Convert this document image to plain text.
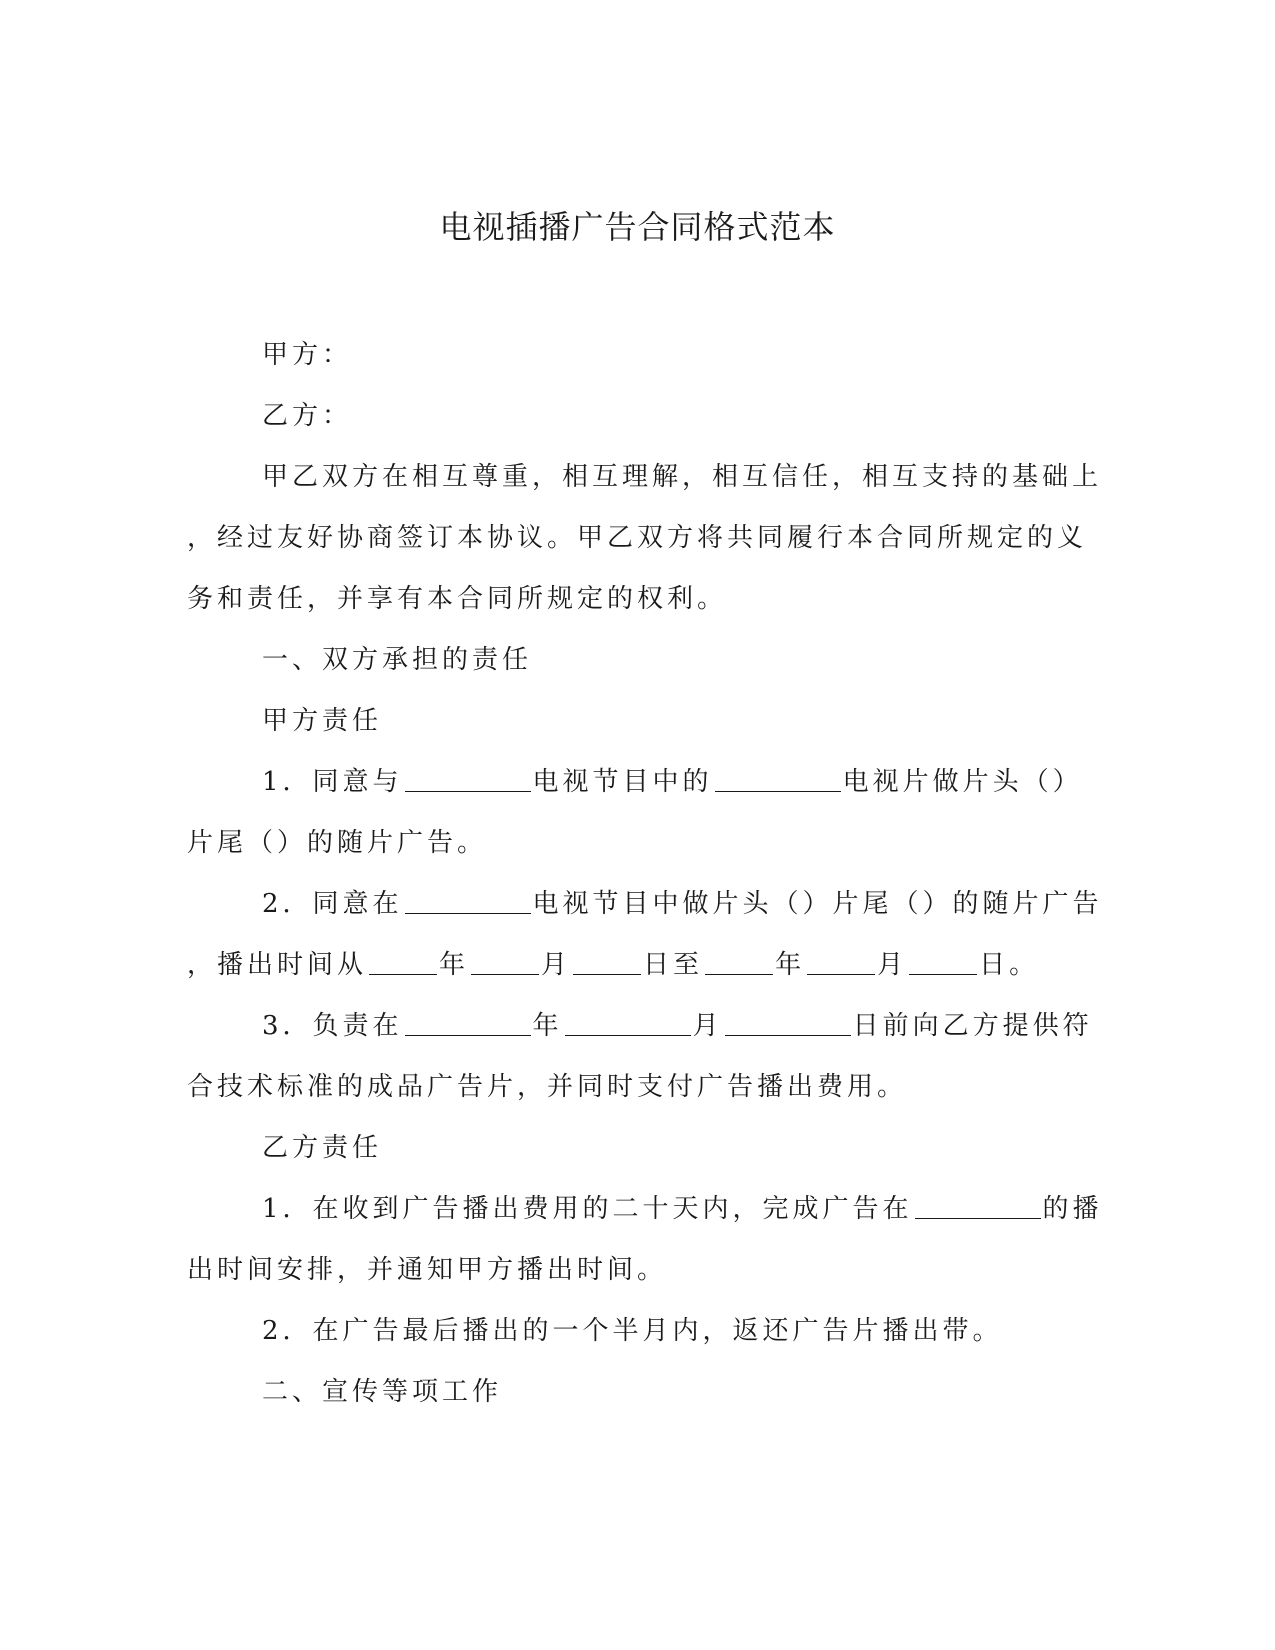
电视插播广告合同格式范本

甲方：

乙方：

甲乙双方在相互尊重，相互理解，相互信任，相互支持的基础上

，经过友好协商签订本协议。甲乙双方将共同履行本合同所规定的义

务和责任，并享有本合同所规定的权利。

一、双方承担的责任

甲方责任

1．同意与	电视节目中的	电视片做片头（）

片尾（）的随片广告。

2．同意在	电视节目中做片头（）片尾（）的随片广告

，播出时间从	年	月	日至	年	月	日。

3．负责在	年	月	日前向乙方提供符

合技术标准的成品广告片，并同时支付广告播出费用。

乙方责任

1．在收到广告播出费用的二十天内，完成广告在	的播

出时间安排，并通知甲方播出时间。

2．在广告最后播出的一个半月内，返还广告片播出带。

二、宣传等项工作
